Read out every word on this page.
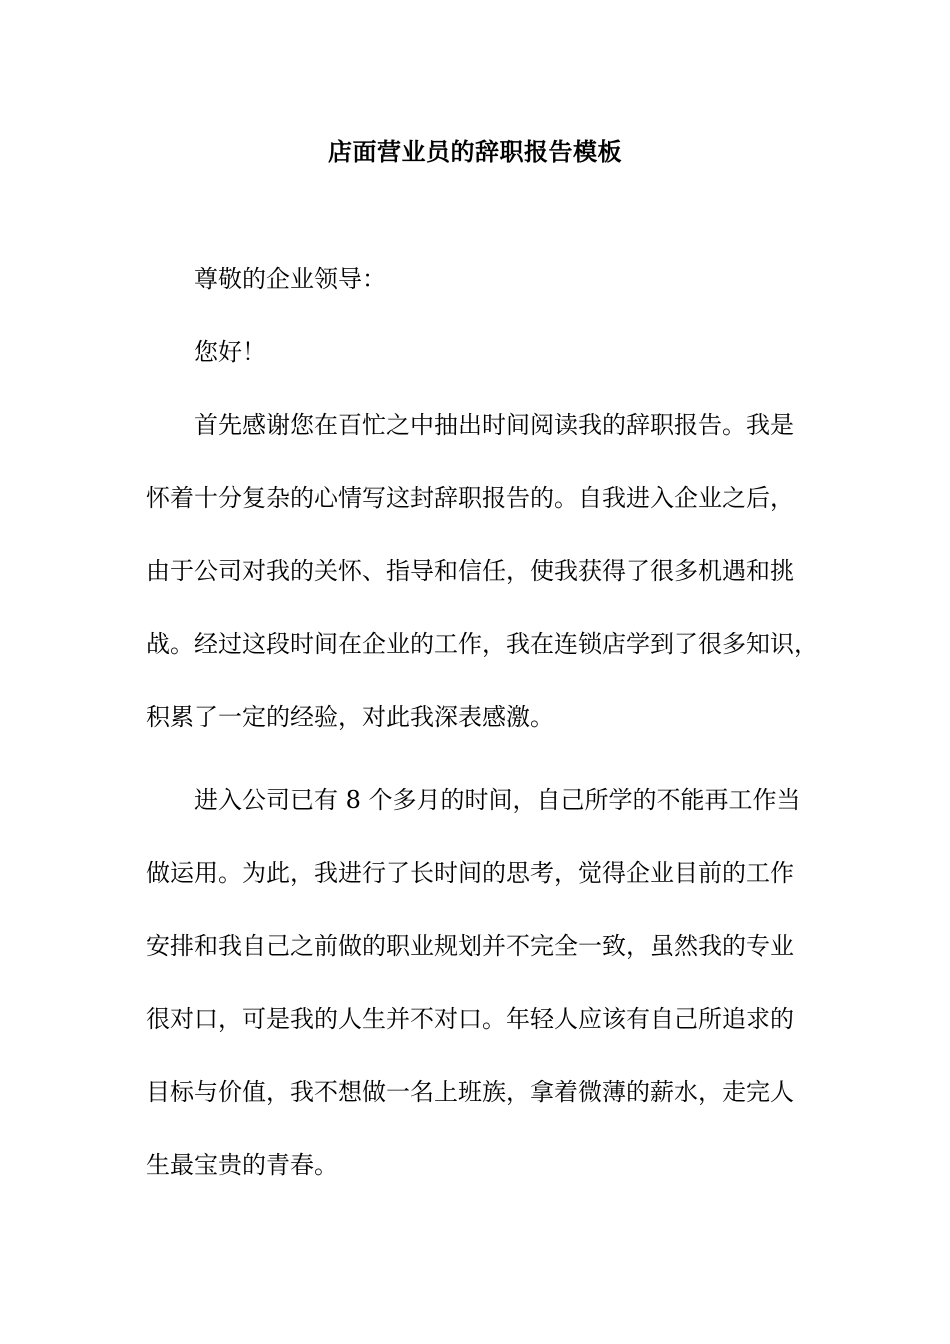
店面营业员的辞职报告模板
尊敬的企业领导：
您好！
首先感谢您在百忙之中抽出时间阅读我的辞职报告。我是
怀着十分复杂的心情写这封辞职报告的。自我进入企业之后，
由于公司对我的关怀、指导和信任，使我获得了很多机遇和挑
战。经过这段时间在企业的工作，我在连锁店学到了很多知识，
积累了一定的经验，对此我深表感激。
进入公司已有 8 个多月的时间，自己所学的不能再工作当
做运用。为此，我进行了长时间的思考，觉得企业目前的工作
安排和我自己之前做的职业规划并不完全一致，虽然我的专业
很对口，可是我的人生并不对口。年轻人应该有自己所追求的
目标与价值，我不想做一名上班族，拿着微薄的薪水，走完人
生最宝贵的青春。
